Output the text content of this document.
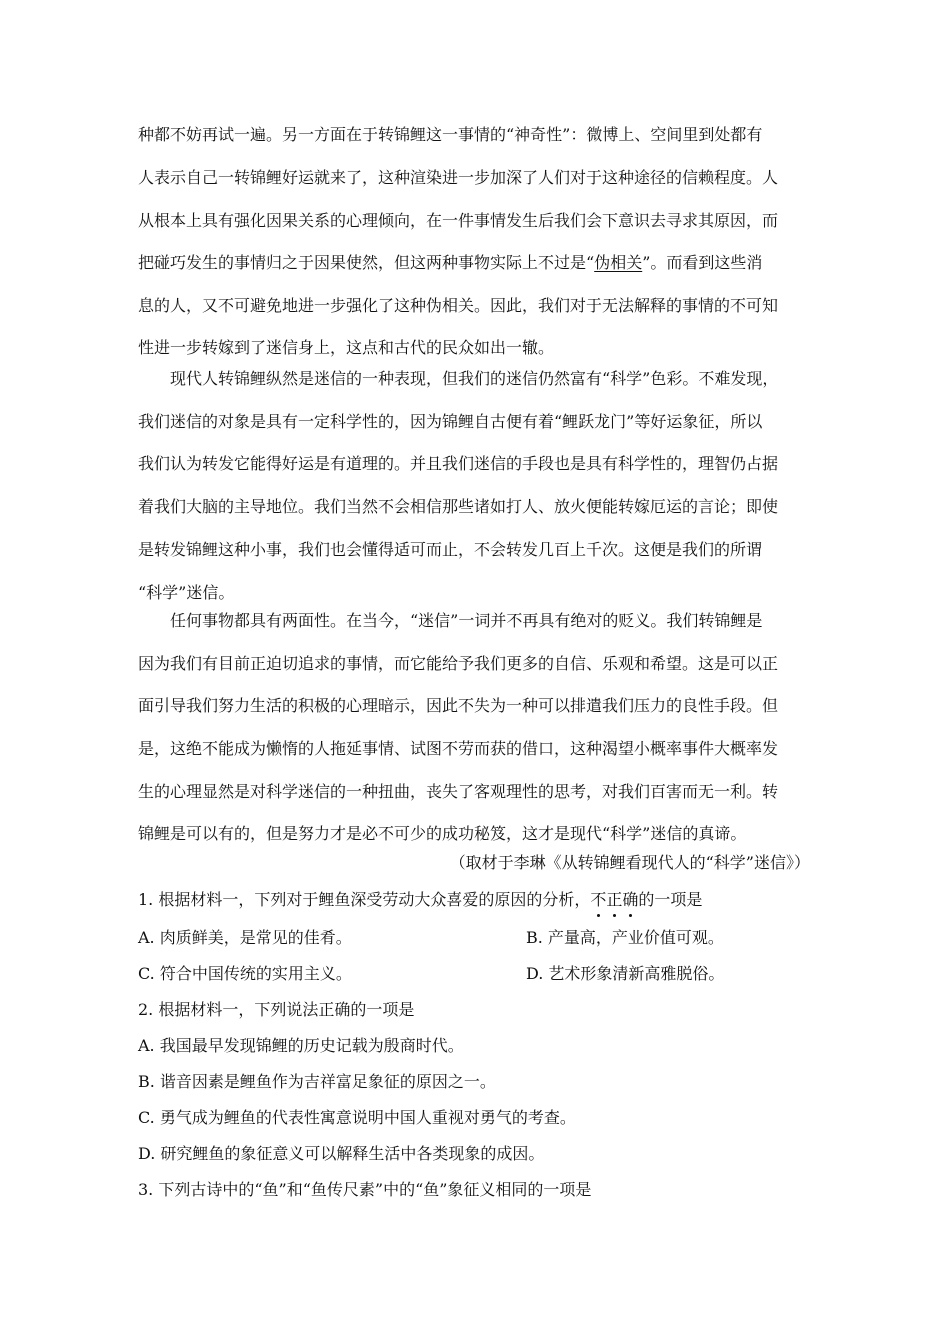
种都不妨再试一遍。另一方面在于转锦鲤这一事情的“神奇性”：微博上、空间里到处都有
人表示自己一转锦鲤好运就来了，这种渲染进一步加深了人们对于这种途径的信赖程度。人
从根本上具有强化因果关系的心理倾向，在一件事情发生后我们会下意识去寻求其原因，而
把碰巧发生的事情归之于因果使然，但这两种事物实际上不过是“伪相关”。而看到这些消
息的人，又不可避免地进一步强化了这种伪相关。因此，我们对于无法解释的事情的不可知
性进一步转嫁到了迷信身上，这点和古代的民众如出一辙。
现代人转锦鲤纵然是迷信的一种表现，但我们的迷信仍然富有“科学”色彩。不难发现，
我们迷信的对象是具有一定科学性的，因为锦鲤自古便有着“鲤跃龙门”等好运象征，所以
我们认为转发它能得好运是有道理的。并且我们迷信的手段也是具有科学性的，理智仍占据
着我们大脑的主导地位。我们当然不会相信那些诸如打人、放火便能转嫁厄运的言论；即使
是转发锦鲤这种小事，我们也会懂得适可而止，不会转发几百上千次。这便是我们的所谓
“科学”迷信。
任何事物都具有两面性。在当今，“迷信”一词并不再具有绝对的贬义。我们转锦鲤是
因为我们有目前正迫切追求的事情，而它能给予我们更多的自信、乐观和希望。这是可以正
面引导我们努力生活的积极的心理暗示，因此不失为一种可以排遣我们压力的良性手段。但
是，这绝不能成为懒惰的人拖延事情、试图不劳而获的借口，这种渴望小概率事件大概率发
生的心理显然是对科学迷信的一种扭曲，丧失了客观理性的思考，对我们百害而无一利。转
锦鲤是可以有的，但是努力才是必不可少的成功秘笈，这才是现代“科学”迷信的真谛。
（取材于李琳《从转锦鲤看现代人的“科学”迷信》）
1. 根据材料一，下列对于鲤鱼深受劳动大众喜爱的原因的分析，不正确的一项是
A. 肉质鲜美，是常见的佳肴。	B. 产量高，产业价值可观。
C. 符合中国传统的实用主义。	D. 艺术形象清新高雅脱俗。
2. 根据材料一，下列说法正确的一项是
A. 我国最早发现锦鲤的历史记载为殷商时代。
B. 谐音因素是鲤鱼作为吉祥富足象征的原因之一。
C. 勇气成为鲤鱼的代表性寓意说明中国人重视对勇气的考查。
D. 研究鲤鱼的象征意义可以解释生活中各类现象的成因。
3. 下列古诗中的“鱼”和“鱼传尺素”中的“鱼”象征义相同的一项是
